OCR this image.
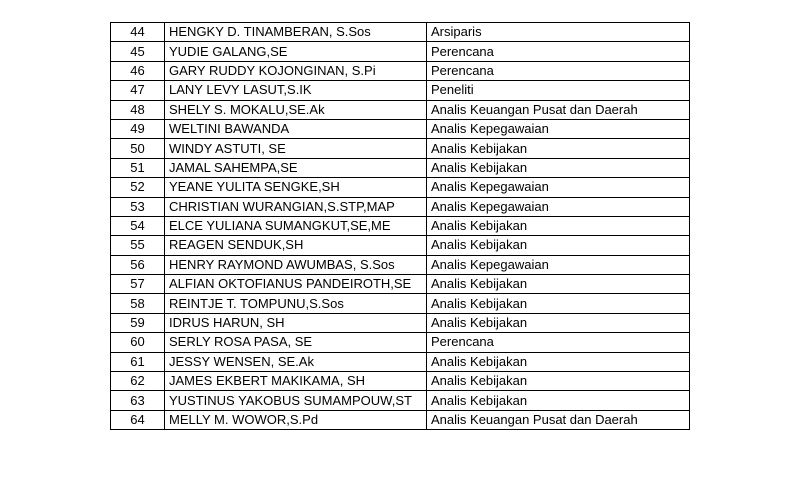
44	HENGKY D. TINAMBERAN, S.Sos	Arsiparis
45	YUDIE GALANG,SE	Perencana
46	GARY RUDDY KOJONGINAN, S.Pi	Perencana
47	LANY LEVY LASUT,S.IK	Peneliti
48	SHELY S. MOKALU,SE.Ak	Analis Keuangan Pusat dan Daerah
49	WELTINI BAWANDA	Analis Kepegawaian
50	WINDY ASTUTI, SE	Analis Kebijakan
51	JAMAL SAHEMPA,SE	Analis Kebijakan
52	YEANE YULITA SENGKE,SH	Analis Kepegawaian
53	CHRISTIAN WURANGIAN,S.STP,MAP	Analis Kepegawaian
54	ELCE YULIANA SUMANGKUT,SE,ME	Analis Kebijakan
55	REAGEN SENDUK,SH	Analis Kebijakan
56	HENRY RAYMOND AWUMBAS, S.Sos	Analis Kepegawaian
57	ALFIAN OKTOFIANUS PANDEIROTH,SE	Analis Kebijakan
58	REINTJE T. TOMPUNU,S.Sos	Analis Kebijakan
59	IDRUS HARUN, SH	Analis Kebijakan
60	SERLY ROSA PASA, SE	Perencana
61	JESSY WENSEN, SE.Ak	Analis Kebijakan
62	JAMES EKBERT MAKIKAMA, SH	Analis Kebijakan
63	YUSTINUS YAKOBUS SUMAMPOUW,ST	Analis Kebijakan
64	MELLY M. WOWOR,S.Pd	Analis Keuangan Pusat dan Daerah
